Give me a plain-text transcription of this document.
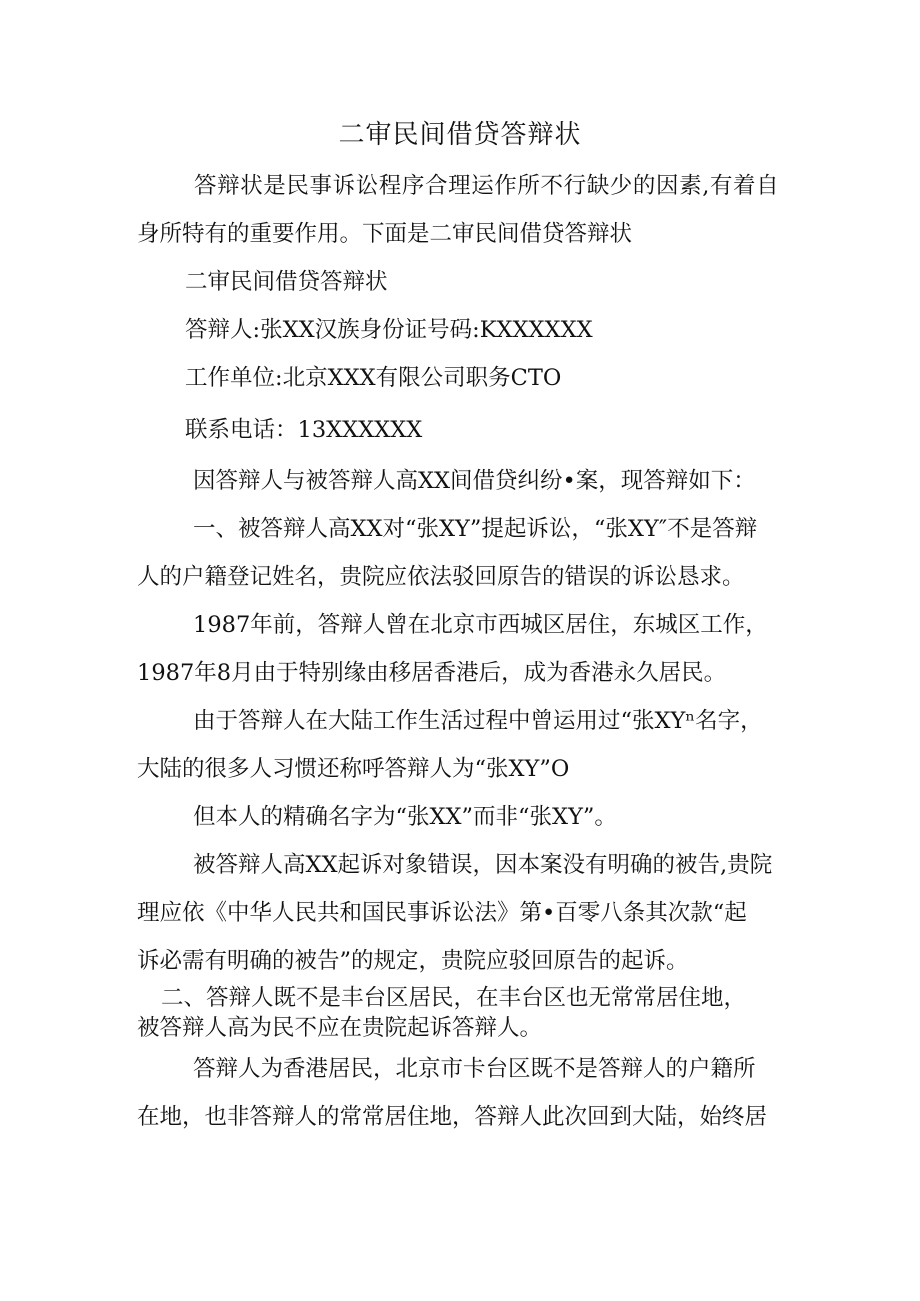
二审民间借贷答辩状
答辩状是民事诉讼程序合理运作所不行缺少的因素,有着自
身所特有的重要作用。下面是二审民间借贷答辩状
二审民间借贷答辩状
答辩人:张XX汉族身份证号码:KXXXXXX
工作单位:北京XXX有限公司职务CTO
联系电话：13XXXXXX
因答辩人与被答辩人高XX间借贷纠纷•案，现答辩如下：
一、被答辩人高XX对“张XY”提起诉讼，“张XY″不是答辩
人的户籍登记姓名，贵院应依法驳回原告的错误的诉讼恳求。
1987年前，答辩人曾在北京市西城区居住，东城区工作，
1987年8月由于特别缘由移居香港后，成为香港永久居民。
由于答辩人在大陆工作生活过程中曾运用过“张XYⁿ名字，
大陆的很多人习惯还称呼答辩人为“张XY”O
但本人的精确名字为“张XX”而非“张XY”。
被答辩人高XX起诉对象错误，因本案没有明确的被告,贵院
理应依《中华人民共和国民事诉讼法》第•百零八条其次款“起
诉必需有明确的被告”的规定，贵院应驳回原告的起诉。
二、答辩人既不是丰台区居民，在丰台区也无常常居住地，
被答辩人高为民不应在贵院起诉答辩人。
答辩人为香港居民，北京市卡台区既不是答辩人的户籍所
在地，也非答辩人的常常居住地，答辩人此次回到大陆，始终居
